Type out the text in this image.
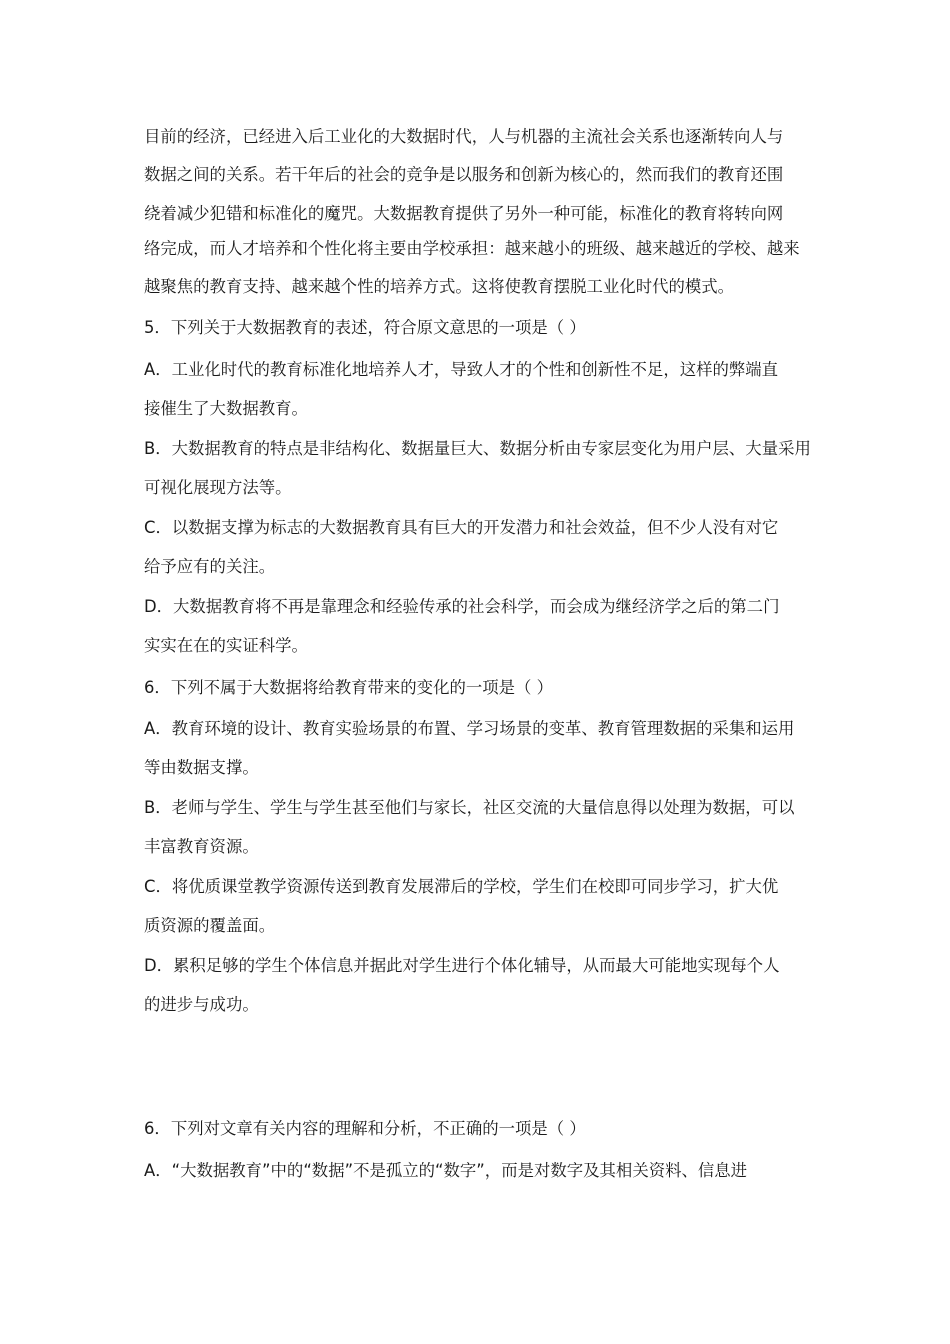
目前的经济，已经进入后工业化的大数据时代，人与机器的主流社会关系也逐渐转向人与
数据之间的关系。若干年后的社会的竞争是以服务和创新为核心的，然而我们的教育还围
绕着减少犯错和标准化的魔咒。大数据教育提供了另外一种可能，标准化的教育将转向网
络完成，而人才培养和个性化将主要由学校承担：越来越小的班级、越来越近的学校、越来
越聚焦的教育支持、越来越个性的培养方式。这将使教育摆脱工业化时代的模式。
5．下列关于大数据教育的表述，符合原文意思的一项是（ ）
A．工业化时代的教育标准化地培养人才，导致人才的个性和创新性不足，这样的弊端直
接催生了大数据教育。
B．大数据教育的特点是非结构化、数据量巨大、数据分析由专家层变化为用户层、大量采用
可视化展现方法等。
C．以数据支撑为标志的大数据教育具有巨大的开发潜力和社会效益，但不少人没有对它
给予应有的关注。
D．大数据教育将不再是靠理念和经验传承的社会科学，而会成为继经济学之后的第二门
实实在在的实证科学。
6．下列不属于大数据将给教育带来的变化的一项是（ ）
A．教育环境的设计、教育实验场景的布置、学习场景的变革、教育管理数据的采集和运用
等由数据支撑。
B．老师与学生、学生与学生甚至他们与家长，社区交流的大量信息得以处理为数据，可以
丰富教育资源。
C．将优质课堂教学资源传送到教育发展滞后的学校，学生们在校即可同步学习，扩大优
质资源的覆盖面。
D．累积足够的学生个体信息并据此对学生进行个体化辅导，从而最大可能地实现每个人
的进步与成功。
6．下列对文章有关内容的理解和分析，不正确的一项是（ ）
A．“大数据教育”中的“数据”不是孤立的“数字”，而是对数字及其相关资料、信息进
